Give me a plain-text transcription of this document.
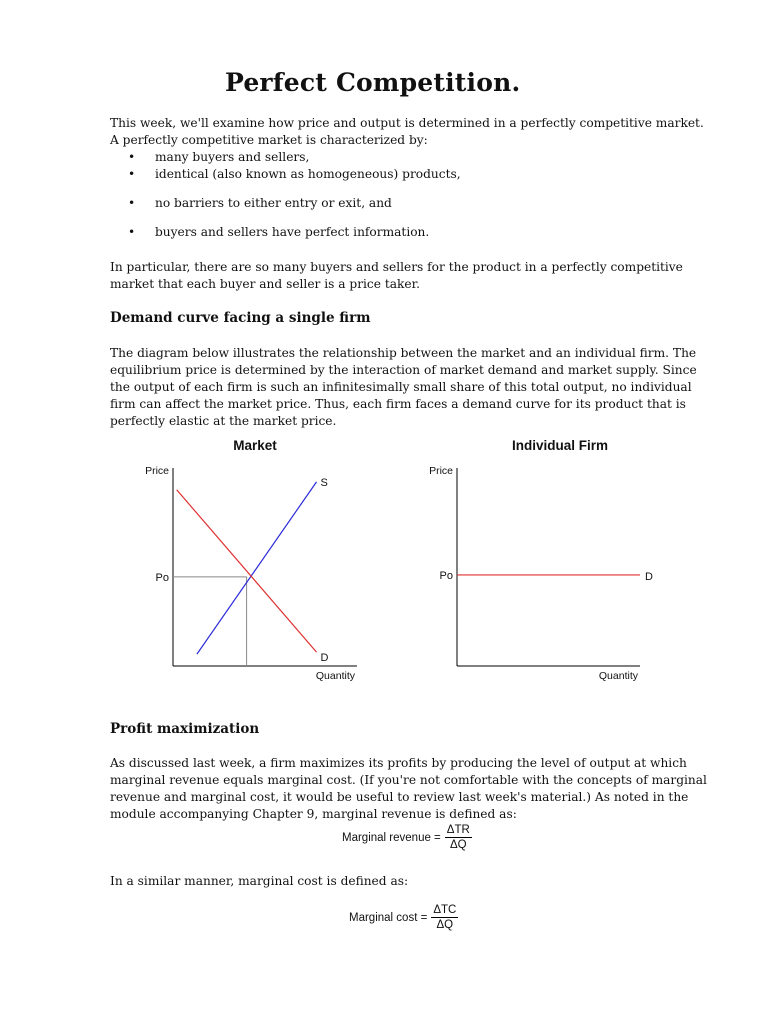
Perfect Competition.

This week, we'll examine how price and output is determined in a perfectly competitive market.

A perfectly competitive market is characterized by:

• many buyers and sellers,
• identical (also known as homogeneous) products,
• no barriers to either entry or exit, and
• buyers and sellers have perfect information.

In particular, there are so many buyers and sellers for the product in a perfectly competitive

market that each buyer and seller is a price taker.

Demand curve facing a single firm

The diagram below illustrates the relationship between the market and an individual firm. The

equilibrium price is determined by the interaction of market demand and market supply. Since

the output of each firm is such an infinitesimally small share of this total output, no individual

firm can affect the market price. Thus, each firm faces a demand curve for its product that is

perfectly elastic at the market price.

Market
Price
Quantity
Po
S
D
Individual Firm
Price
Quantity
Po	D
Profit maximization

As discussed last week, a firm maximizes its profits by producing the level of output at which

marginal revenue equals marginal cost. (If you're not comfortable with the concepts of marginal

revenue and marginal cost, it would be useful to review last week's material.) As noted in the

module accompanying Chapter 9, marginal revenue is defined as:

Marginal revenue = $\frac{\text{ΔTR}}{\Delta Q}$

In a similar manner, marginal cost is defined as:

Marginal $\cos t = \frac{\text{ΔTC}}{\Delta Q}$
